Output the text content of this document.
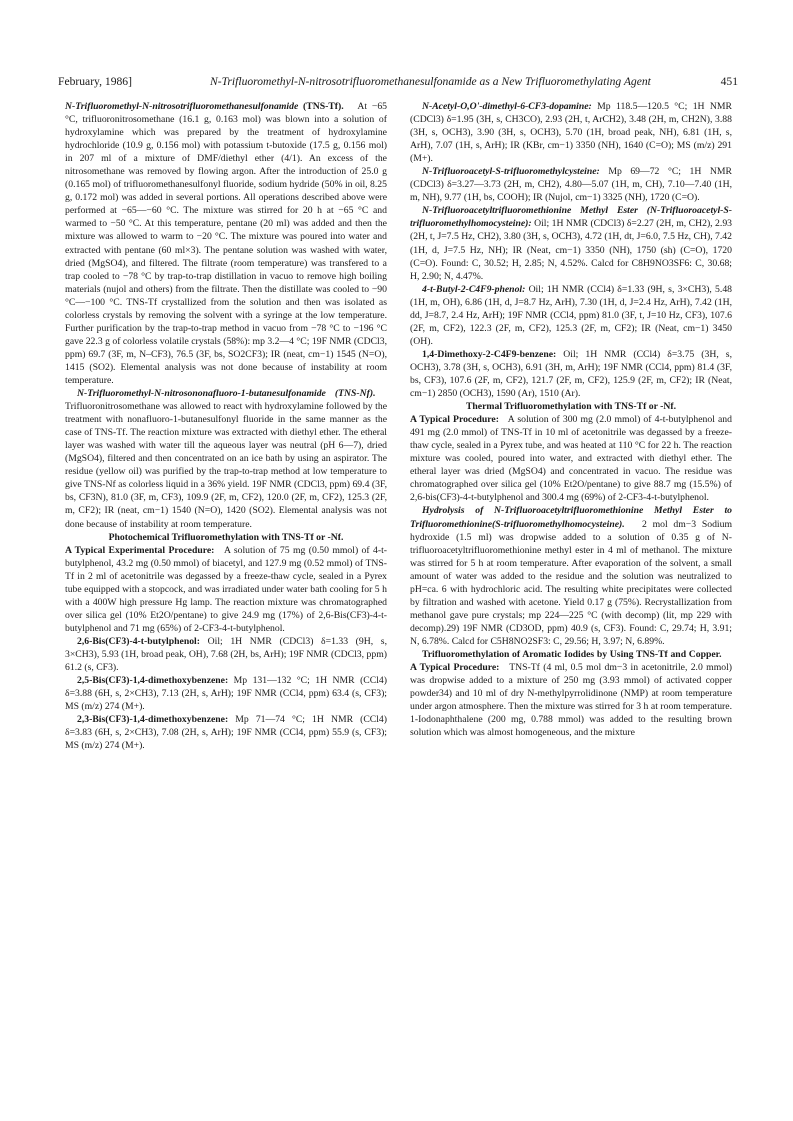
February, 1986]	N-Trifluoromethyl-N-nitrosotrifluoromethanesulfonamide as a New Trifluoromethylating Agent	451

N-Trifluoromethyl-N-nitrosotrifluoromethanesulfonamide (TNS-Tf). At −65 °C, trifluoronitrosomethane (16.1 g, 0.163 mol) was blown into a solution of hydroxylamine which was prepared by the treatment of hydroxylamine hydrochloride (10.9 g, 0.156 mol) with potassium t-butoxide (17.5 g, 0.156 mol) in 207 ml of a mixture of DMF/diethyl ether (4/1). An excess of the nitrosomethane was removed by flowing argon. After the introduction of 25.0 g (0.165 mol) of trifluoromethanesulfonyl fluoride, sodium hydride (50% in oil, 8.25 g, 0.172 mol) was added in several portions. All operations described above were performed at −65—−60 °C. The mixture was stirred for 20 h at −65 °C and warmed to −50 °C. At this temperature, pentane (20 ml) was added and then the mixture was allowed to warm to −20 °C. The mixture was poured into water and extracted with pentane (60 ml×3). The pentane solution was washed with water, dried (MgSO4), and filtered. The filtrate (room temperature) was transfered to a trap cooled to −78 °C by trap-to-trap distillation in vacuo to remove high boiling materials (nujol and others) from the filtrate. Then the distillate was cooled to −90 °C—−100 °C. TNS-Tf crystallized from the solution and then was isolated as colorless crystals by removing the solvent with a syringe at the low temperature. Further purification by the trap-to-trap method in vacuo from −78 °C to −196 °C gave 22.3 g of colorless volatile crystals (58%): mp 3.2—4 °C; 19F NMR (CDCl3, ppm) 69.7 (3F, m, N–CF3), 76.5 (3F, bs, SO2CF3); IR (neat, cm−1) 1545 (N=O), 1415 (SO2). Elemental analysis was not done because of instability at room temperature.

N-Trifluoromethyl-N-nitrosononafluoro-1-butanesulfonamide (TNS-Nf).   Trifluoronitrosomethane was allowed to react with hydroxylamine followed by the treatment with nonafluoro-1-butanesulfonyl fluoride in the same manner as the case of TNS-Tf. The reaction mixture was extracted with diethyl ether. The etheral layer was washed with water till the aqueous layer was neutral (pH 6—7), dried (MgSO4), filtered and then concentrated on an ice bath by using an aspirator. The residue (yellow oil) was purified by the trap-to-trap method at low temperature to give TNS-Nf as colorless liquid in a 36% yield. 19F NMR (CDCl3, ppm) 69.4 (3F, bs, CF3N), 81.0 (3F, m, CF3), 109.9 (2F, m, CF2), 120.0 (2F, m, CF2), 125.3 (2F, m, CF2); IR (neat, cm−1) 1540 (N=O), 1420 (SO2). Elemental analysis was not done because of instability at room temperature.

Photochemical Trifluoromethylation with TNS-Tf or -Nf.

A Typical Experimental Procedure: A solution of 75 mg (0.50 mmol) of 4-t-butylphenol, 43.2 mg (0.50 mmol) of biacetyl, and 127.9 mg (0.52 mmol) of TNS-Tf in 2 ml of acetonitrile was degassed by a freeze-thaw cycle, sealed in a Pyrex tube equipped with a stopcock, and was irradiated under water bath cooling for 5 h with a 400W high pressure Hg lamp. The reaction mixture was chromatographed over silica gel (10% Et2O/pentane) to give 24.9 mg (17%) of 2,6-Bis(CF3)-4-t-butylphenol and 71 mg (65%) of 2-CF3-4-t-butylphenol.

2,6-Bis(CF3)-4-t-butylphenol: Oil; 1H NMR (CDCl3) δ=1.33 (9H, s, 3×CH3), 5.93 (1H, broad peak, OH), 7.68 (2H, bs, ArH); 19F NMR (CDCl3, ppm) 61.2 (s, CF3).

2,5-Bis(CF3)-1,4-dimethoxybenzene: Mp 131—132 °C; 1H NMR (CCl4) δ=3.88 (6H, s, 2×CH3), 7.13 (2H, s, ArH); 19F NMR (CCl4, ppm) 63.4 (s, CF3); MS (m/z) 274 (M+).

2,3-Bis(CF3)-1,4-dimethoxybenzene: Mp 71—74 °C; 1H NMR (CCl4) δ=3.83 (6H, s, 2×CH3), 7.08 (2H, s, ArH); 19F NMR (CCl4, ppm) 55.9 (s, CF3); MS (m/z) 274 (M+).

N-Acetyl-O,O'-dimethyl-6-CF3-dopamine: Mp 118.5—120.5 °C; 1H NMR (CDCl3) δ=1.95 (3H, s, CH3CO), 2.93 (2H, t, ArCH2), 3.48 (2H, m, CH2N), 3.88 (3H, s, OCH3), 3.90 (3H, s, OCH3), 5.70 (1H, broad peak, NH), 6.81 (1H, s, ArH), 7.07 (1H, s, ArH); IR (KBr, cm−1) 3350 (NH), 1640 (C=O); MS (m/z) 291 (M+).

N-Trifluoroacetyl-S-trifluoromethylcysteine: Mp 69—72 °C; 1H NMR (CDCl3) δ=3.27—3.73 (2H, m, CH2), 4.80—5.07 (1H, m, CH), 7.10—7.40 (1H, m, NH), 9.77 (1H, bs, COOH); IR (Nujol, cm−1) 3325 (NH), 1720 (C=O).

N-Trifluoroacetyltrifluoromethionine Methyl Ester (N-Trifluoroacetyl-S-trifluoromethylhomocysteine): Oil; 1H NMR (CDCl3) δ=2.27 (2H, m, CH2), 2.93 (2H, t, J=7.5 Hz, CH2), 3.80 (3H, s, OCH3), 4.72 (1H, dt, J=6.0, 7.5 Hz, CH), 7.42 (1H, d, J=7.5 Hz, NH); IR (Neat, cm−1) 3350 (NH), 1750 (sh) (C=O), 1720 (C=O). Found: C, 30.52; H, 2.85; N, 4.52%. Calcd for C8H9NO3SF6: C, 30.68; H, 2.90; N, 4.47%.

4-t-Butyl-2-C4F9-phenol: Oil; 1H NMR (CCl4) δ=1.33 (9H, s, 3×CH3), 5.48 (1H, m, OH), 6.86 (1H, d, J=8.7 Hz, ArH), 7.30 (1H, d, J=2.4 Hz, ArH), 7.42 (1H, dd, J=8.7, 2.4 Hz, ArH); 19F NMR (CCl4, ppm) 81.0 (3F, t, J=10 Hz, CF3), 107.6 (2F, m, CF2), 122.3 (2F, m, CF2), 125.3 (2F, m, CF2); IR (Neat, cm−1) 3450 (OH).

1,4-Dimethoxy-2-C4F9-benzene: Oil; 1H NMR (CCl4) δ=3.75 (3H, s, OCH3), 3.78 (3H, s, OCH3), 6.91 (3H, m, ArH); 19F NMR (CCl4, ppm) 81.4 (3F, bs, CF3), 107.6 (2F, m, CF2), 121.7 (2F, m, CF2), 125.9 (2F, m, CF2); IR (Neat, cm−1) 2850 (OCH3), 1590 (Ar), 1510 (Ar).

Thermal Trifluoromethylation with TNS-Tf or -Nf.

A Typical Procedure: A solution of 300 mg (2.0 mmol) of 4-t-butylphenol and 491 mg (2.0 mmol) of TNS-Tf in 10 ml of acetonitrile was degassed by a freeze-thaw cycle, sealed in a Pyrex tube, and was heated at 110 °C for 22 h. The reaction mixture was cooled, poured into water, and extracted with diethyl ether. The etheral layer was dried (MgSO4) and concentrated in vacuo. The residue was chromatographed over silica gel (10% Et2O/pentane) to give 88.7 mg (15.5%) of 2,6-bis(CF3)-4-t-butylphenol and 300.4 mg (69%) of 2-CF3-4-t-butylphenol.

Hydrolysis of N-Trifluoroacetyltrifluoromethionine Methyl Ester to Trifluoromethionine(S-trifluoromethylhomocysteine). 2 mol dm−3 Sodium hydroxide (1.5 ml) was dropwise added to a solution of 0.35 g of N-trifluoroacetyltrifluoromethionine methyl ester in 4 ml of methanol. The mixture was stirred for 5 h at room temperature. After evaporation of the solvent, a small amount of water was added to the residue and the solution was neutralized to pH=ca. 6 with hydrochloric acid. The resulting white precipitates were collected by filtration and washed with acetone. Yield 0.17 g (75%). Recrystallization from methanol gave pure crystals; mp 224—225 °C (with decomp) (lit, mp 229 with decomp).29) 19F NMR (CD3OD, ppm) 40.9 (s, CF3). Found: C, 29.74; H, 3.91; N, 6.78%. Calcd for C5H8NO2SF3: C, 29.56; H, 3.97; N, 6.89%.

Trifluoromethylation of Aromatic Iodides by Using TNS-Tf and Copper.     A Typical Procedure: TNS-Tf (4 ml, 0.5 mol dm−3 in acetonitrile, 2.0 mmol) was dropwise added to a mixture of 250 mg (3.93 mmol) of activated copper powder34) and 10 ml of dry N-methylpyrrolidinone (NMP) at room temperature under argon atmosphere. Then the mixture was stirred for 3 h at room temperature. 1-Iodonaphthalene (200 mg, 0.788 mmol) was added to the resulting brown solution which was almost homogeneous, and the mixture
